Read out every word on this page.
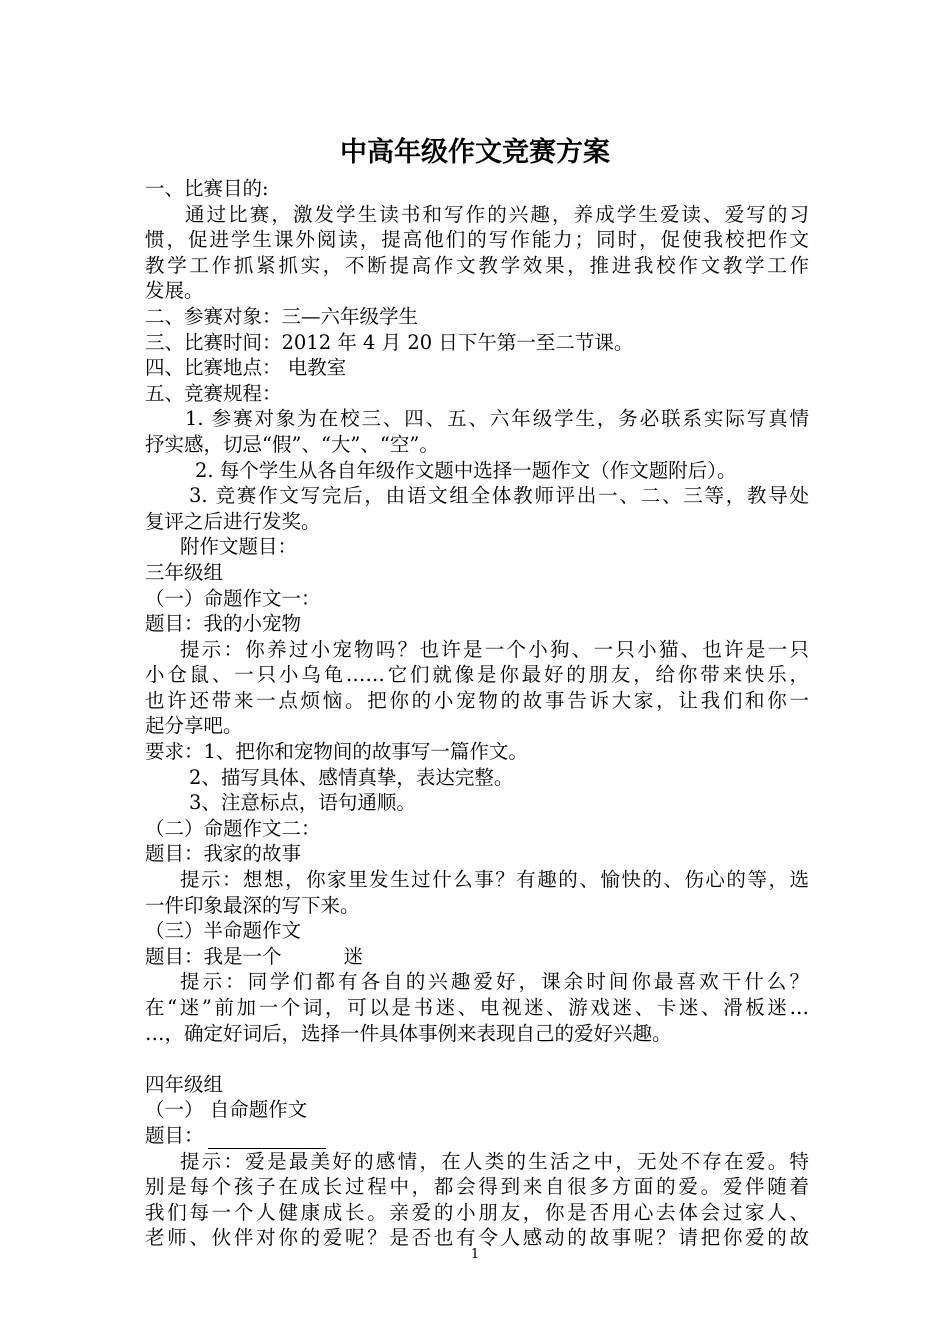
中高年级作文竞赛方案
一、比赛目的:
通过比赛，激发学生读书和写作的兴趣，养成学生爱读、爱写的习
惯，促进学生课外阅读，提高他们的写作能力；同时，促使我校把作文
教学工作抓紧抓实，不断提高作文教学效果，推进我校作文教学工作
发展。
二、参赛对象：三—六年级学生
三、比赛时间：2012 年 4 月 20 日下午第一至二节课。
四、比赛地点： 电教室
五、竞赛规程：
1. 参赛对象为在校三、四、五、六年级学生，务必联系实际写真情
抒实感，切忌“假”、“大”、“空”。
2. 每个学生从各自年级作文题中选择一题作文（作文题附后）。
3. 竞赛作文写完后，由语文组全体教师评出一、二、三等，教导处
复评之后进行发奖。
附作文题目：
三年级组
（一）命题作文一：
题目：我的小宠物
提示：你养过小宠物吗？也许是一个小狗、一只小猫、也许是一只
小仓鼠、一只小乌龟……它们就像是你最好的朋友，给你带来快乐，
也许还带来一点烦恼。把你的小宠物的故事告诉大家，让我们和你一
起分享吧。
要求：1、把你和宠物间的故事写一篇作文。
2、描写具体、感情真挚，表达完整。
3、注意标点，语句通顺。
（二）命题作文二：
题目：我家的故事
提示：想想，你家里发生过什么事？有趣的、愉快的、伤心的等，选
一件印象最深的写下来。
（三）半命题作文
题目：我是一个	迷
提示：同学们都有各自的兴趣爱好，课余时间你最喜欢干什么？
在“迷”前加一个词，可以是书迷、电视迷、游戏迷、卡迷、滑板迷…
…，确定好词后，选择一件具体事例来表现自己的爱好兴趣。
四年级组
（一） 自命题作文
题目：
提示：爱是最美好的感情，在人类的生活之中，无处不存在爱。特
别是每个孩子在成长过程中，都会得到来自很多方面的爱。爱伴随着
我们每一个人健康成长。亲爱的小朋友，你是否用心去体会过家人、
老师、伙伴对你的爱呢？是否也有令人感动的故事呢？请把你爱的故
1
